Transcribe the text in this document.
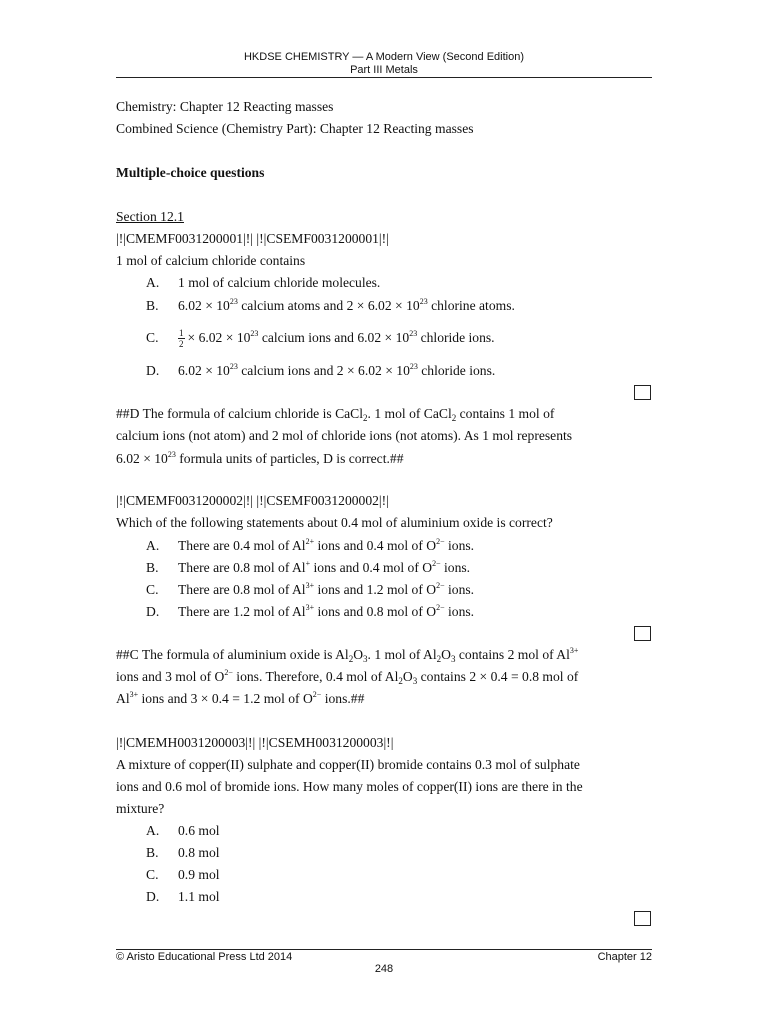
HKDSE CHEMISTRY — A Modern View (Second Edition)
Part III Metals
Chemistry: Chapter 12 Reacting masses
Combined Science (Chemistry Part): Chapter 12 Reacting masses
Multiple-choice questions
Section 12.1
|!|CMEMF0031200001|!| |!|CSEMF0031200001|!|
1 mol of calcium chloride contains
A. 1 mol of calcium chloride molecules.
B. $6.02 \times 10^{23}$ calcium atoms and $2 \times 6.02 \times 10^{23}$ chlorine atoms.
C. $\frac{1}{2} \times 6.02 \times 10^{23}$ calcium ions and $6.02 \times 10^{23}$ chloride ions.
D. $6.02 \times 10^{23}$ calcium ions and $2 \times 6.02 \times 10^{23}$ chloride ions.
##D The formula of calcium chloride is CaCl$_2$. 1 mol of CaCl$_2$ contains 1 mol of
calcium ions (not atom) and 2 mol of chloride ions (not atoms). As 1 mol represents
$6.02 \times 10^{23}$ formula units of particles, D is correct.##
|!|CMEMF0031200002|!| |!|CSEMF0031200002|!|
Which of the following statements about 0.4 mol of aluminium oxide is correct?
A. There are 0.4 mol of $Al^{2+}$ ions and 0.4 mol of $O^{2-}$ ions.
B. There are 0.8 mol of Al+ ions and 0.4 mol of $O^{2-}$ ions.
C. There are 0.8 mol of $Al^{3+}$ ions and 1.2 mol of $O^{2-}$ ions.
D. There are 1.2 mol of $Al^{3+}$ ions and 0.8 mol of $O^{2-}$ ions.
##C The formula of aluminium oxide is $Al_2O_3$. 1 mol of $Al_2O_3$ contains 2 mol of $Al^{3+}$
ions and 3 mol of $O^{2-}$ ions. Therefore, 0.4 mol of $Al_2O_3$ contains 2 × 0.4 = 0.8 mol of
$Al^{3+}$ ions and 3 × 0.4 = 1.2 mol of $O^{2-}$ ions.##
|!|CMEMH0031200003|!| |!|CSEMH0031200003|!|
A mixture of copper(II) sulphate and copper(II) bromide contains 0.3 mol of sulphate
ions and 0.6 mol of bromide ions. How many moles of copper(II) ions are there in the
mixture?
A. 0.6 mol
B. 0.8 mol
C. 0.9 mol
D. 1.1 mol
© Aristo Educational Press Ltd 2014	Chapter 12
248
